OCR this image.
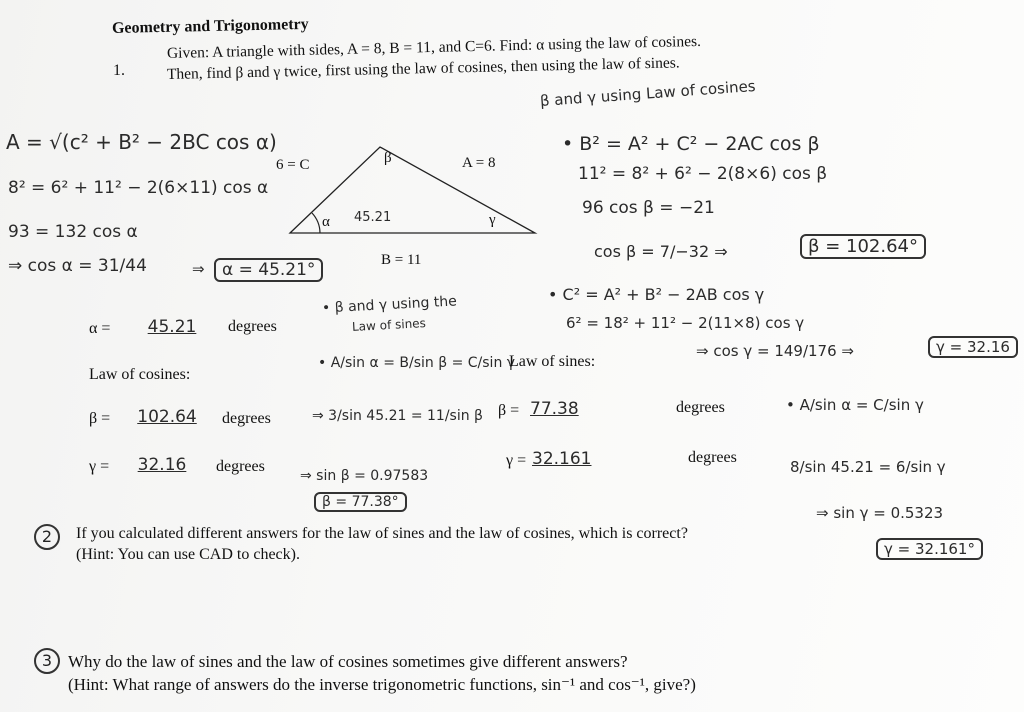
Geometry and Trigonometry
1.
Given: A triangle with sides, A = 8, B = 11, and C=6. Find: α using the law of cosines.
Then, find β and γ twice, first using the law of cosines, then using the law of sines.
6 = C	β	A = 8
α 45.21	γ
B = 11
A = √(c² + B² − 2BC cos α)
8² = 6² + 11² − 2(6×11) cos α
93 = 132 cos α
⇒ cos α = 31/44	⇒	α = 45.21°
α =	45.21	degrees
Law of cosines:
β =	102.64	degrees
γ =	32.16	degrees
• β and γ using the
Law of sines
• A/sin α = B/sin β = C/sin γ
⇒ 3/sin 45.21 = 11/sin β
⇒ sin β = 0.97583
β = 77.38°
Law of sines:
β = 77.38	degrees
γ = 32.161	degrees
β and γ using Law of cosines
• B² = A² + C² − 2AC cos β
11² = 8² + 6² − 2(8×6) cos β
96 cos β = −21
cos β = 7/−32 ⇒	β = 102.64°
• C² = A² + B² − 2AB cos γ
6² = 18² + 11² − 2(11×8) cos γ
⇒ cos γ = 149/176 ⇒	γ = 32.16
• A/sin α = C/sin γ
8/sin 45.21 = 6/sin γ
⇒ sin γ = 0.5323
γ = 32.161°
2	If you calculated different answers for the law of sines and the law of cosines, which is correct?
(Hint: You can use CAD to check).
3 Why do the law of sines and the law of cosines sometimes give different answers?
(Hint: What range of answers do the inverse trigonometric functions, sin⁻¹ and cos⁻¹, give?)
